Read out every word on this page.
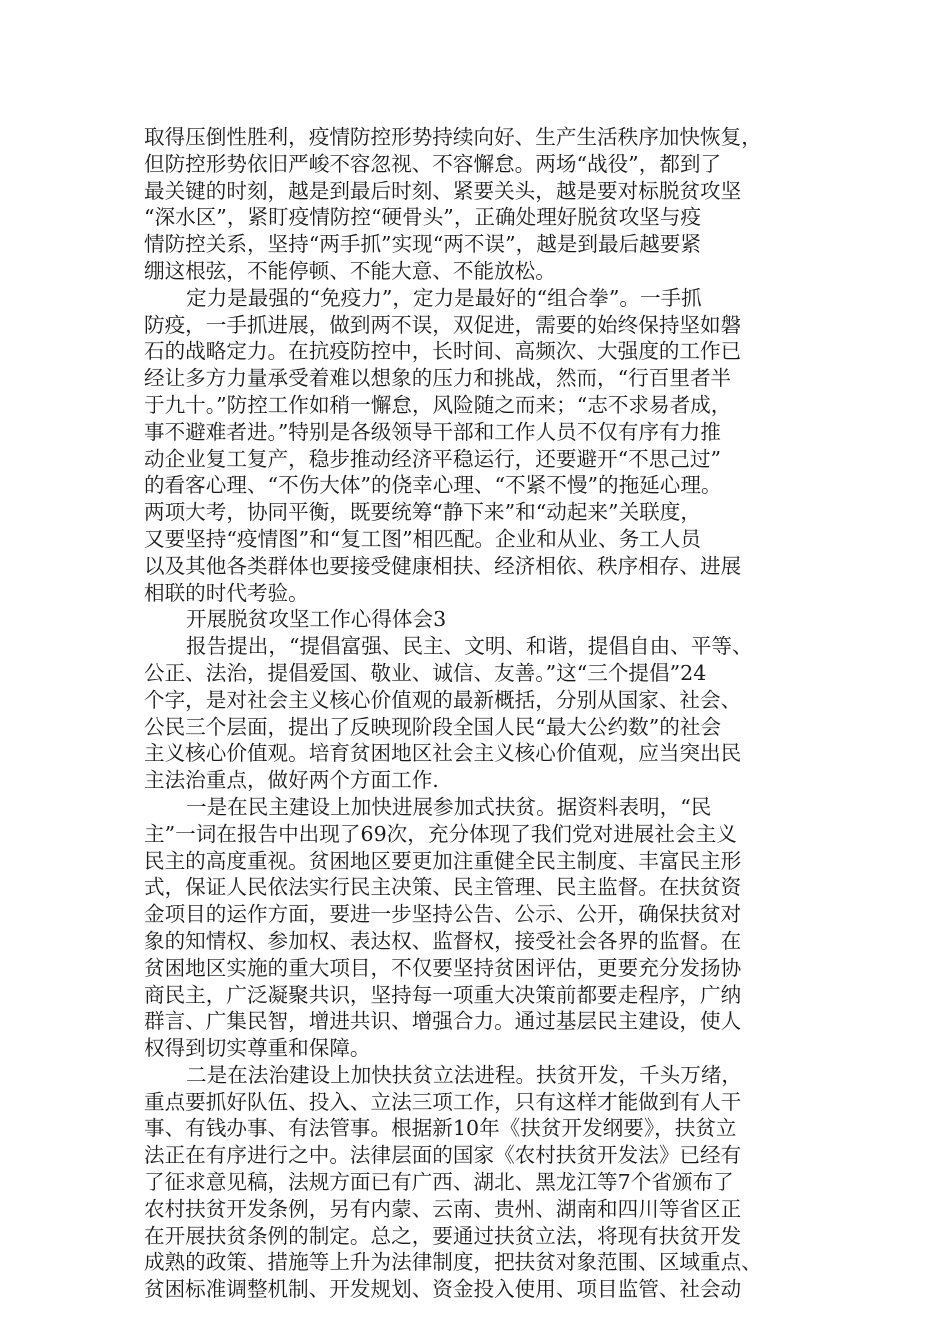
取得压倒性胜利，疫情防控形势持续向好、生产生活秩序加快恢复，
但防控形势依旧严峻不容忽视、不容懈怠。两场“战役”，都到了
最关键的时刻，越是到最后时刻、紧要关头，越是要对标脱贫攻坚
“深水区”，紧盯疫情防控“硬骨头”，正确处理好脱贫攻坚与疫
情防控关系，坚持“两手抓”实现“两不误”，越是到最后越要紧
绷这根弦，不能停顿、不能大意、不能放松。
定力是最强的“免疫力”，定力是最好的“组合拳”。一手抓
防疫，一手抓进展，做到两不误，双促进，需要的始终保持坚如磐
石的战略定力。在抗疫防控中，长时间、高频次、大强度的工作已
经让多方力量承受着难以想象的压力和挑战，然而，“行百里者半
于九十。”防控工作如稍一懈怠，风险随之而来；“志不求易者成，
事不避难者进。”特别是各级领导干部和工作人员不仅有序有力推
动企业复工复产，稳步推动经济平稳运行，还要避开“不思己过”
的看客心理、“不伤大体”的侥幸心理、“不紧不慢”的拖延心理。
两项大考，协同平衡，既要统筹“静下来”和“动起来”关联度，
又要坚持“疫情图”和“复工图”相匹配。企业和从业、务工人员
以及其他各类群体也要接受健康相扶、经济相依、秩序相存、进展
相联的时代考验。
开展脱贫攻坚工作心得体会3
报告提出，“提倡富强、民主、文明、和谐，提倡自由、平等、
公正、法治，提倡爱国、敬业、诚信、友善。”这“三个提倡”24
个字，是对社会主义核心价值观的最新概括，分别从国家、社会、
公民三个层面，提出了反映现阶段全国人民“最大公约数”的社会
主义核心价值观。培育贫困地区社会主义核心价值观，应当突出民
主法治重点，做好两个方面工作.
一是在民主建设上加快进展参加式扶贫。据资料表明，“民
主”一词在报告中出现了69次，充分体现了我们党对进展社会主义
民主的高度重视。贫困地区要更加注重健全民主制度、丰富民主形
式，保证人民依法实行民主决策、民主管理、民主监督。在扶贫资
金项目的运作方面，要进一步坚持公告、公示、公开，确保扶贫对
象的知情权、参加权、表达权、监督权，接受社会各界的监督。在
贫困地区实施的重大项目，不仅要坚持贫困评估，更要充分发扬协
商民主，广泛凝聚共识，坚持每一项重大决策前都要走程序，广纳
群言、广集民智，增进共识、增强合力。通过基层民主建设，使人
权得到切实尊重和保障。
二是在法治建设上加快扶贫立法进程。扶贫开发，千头万绪，
重点要抓好队伍、投入、立法三项工作，只有这样才能做到有人干
事、有钱办事、有法管事。根据新10年《扶贫开发纲要》，扶贫立
法正在有序进行之中。法律层面的国家《农村扶贫开发法》已经有
了征求意见稿，法规方面已有广西、湖北、黑龙江等7个省颁布了
农村扶贫开发条例，另有内蒙、云南、贵州、湖南和四川等省区正
在开展扶贫条例的制定。总之，要通过扶贫立法，将现有扶贫开发
成熟的政策、措施等上升为法律制度，把扶贫对象范围、区域重点、
贫困标准调整机制、开发规划、资金投入使用、项目监管、社会动
